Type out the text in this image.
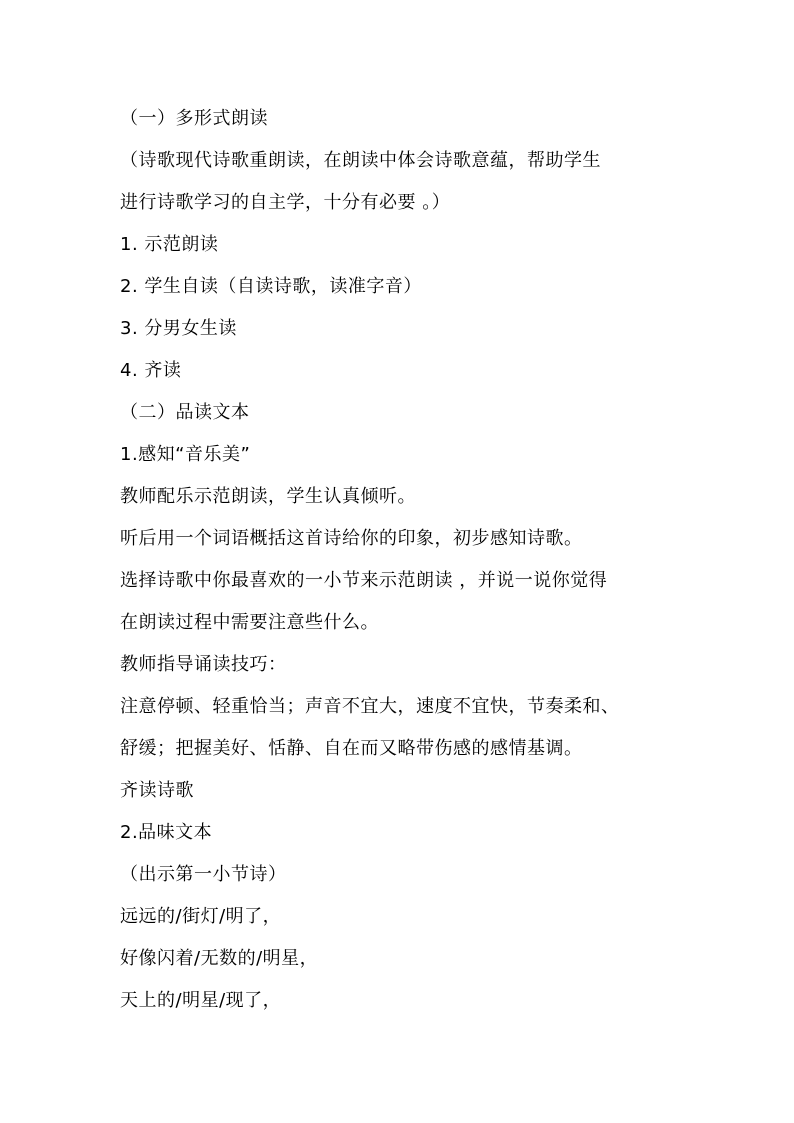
（一）多形式朗读
（诗歌现代诗歌重朗读，在朗读中体会诗歌意蕴，帮助学生
进行诗歌学习的自主学，十分有必要 。）
1. 示范朗读
2. 学生自读（自读诗歌，读准字音）
3. 分男女生读
4. 齐读
（二）品读文本
1.感知“音乐美”
教师配乐示范朗读，学生认真倾听。
听后用一个词语概括这首诗给你的印象，初步感知诗歌。
选择诗歌中你最喜欢的一小节来示范朗读 ，并说一说你觉得
在朗读过程中需要注意些什么。
教师指导诵读技巧：
注意停顿、轻重恰当；声音不宜大，速度不宜快，节奏柔和、
舒缓；把握美好、恬静、自在而又略带伤感的感情基调。
齐读诗歌
2.品味文本
（出示第一小节诗）
远远的/街灯/明了，
好像闪着/无数的/明星，
天上的/明星/现了，
